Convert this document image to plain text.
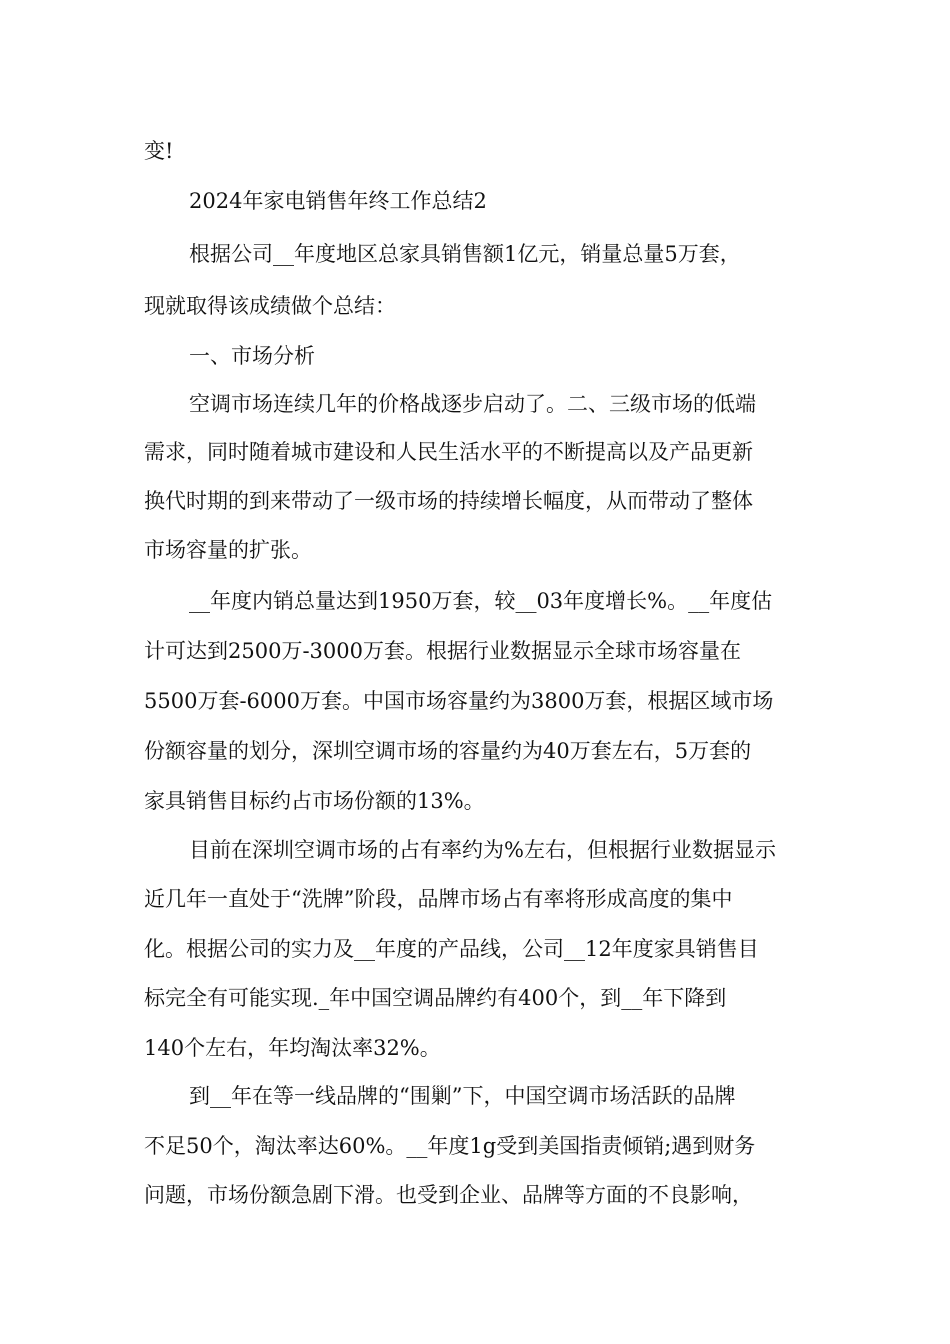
变!
2024年家电销售年终工作总结2
根据公司__年度地区总家具销售额1亿元，销量总量5万套，
现就取得该成绩做个总结：
一、市场分析
空调市场连续几年的价格战逐步启动了。二、三级市场的低端
需求，同时随着城市建设和人民生活水平的不断提高以及产品更新
换代时期的到来带动了一级市场的持续增长幅度，从而带动了整体
市场容量的扩张。
__年度内销总量达到1950万套，较__03年度增长%。__年度估
计可达到2500万-3000万套。根据行业数据显示全球市场容量在
5500万套-6000万套。中国市场容量约为3800万套，根据区域市场
份额容量的划分，深圳空调市场的容量约为40万套左右，5万套的
家具销售目标约占市场份额的13%。
目前在深圳空调市场的占有率约为%左右，但根据行业数据显示
近几年一直处于“洗牌”阶段，品牌市场占有率将形成高度的集中
化。根据公司的实力及__年度的产品线，公司__12年度家具销售目
标完全有可能实现._年中国空调品牌约有400个，到__年下降到
140个左右，年均淘汰率32%。
到__年在等一线品牌的“围剿”下，中国空调市场活跃的品牌
不足50个，淘汰率达60%。__年度1g受到美国指责倾销;遇到财务
问题，市场份额急剧下滑。也受到企业、品牌等方面的不良影响，
